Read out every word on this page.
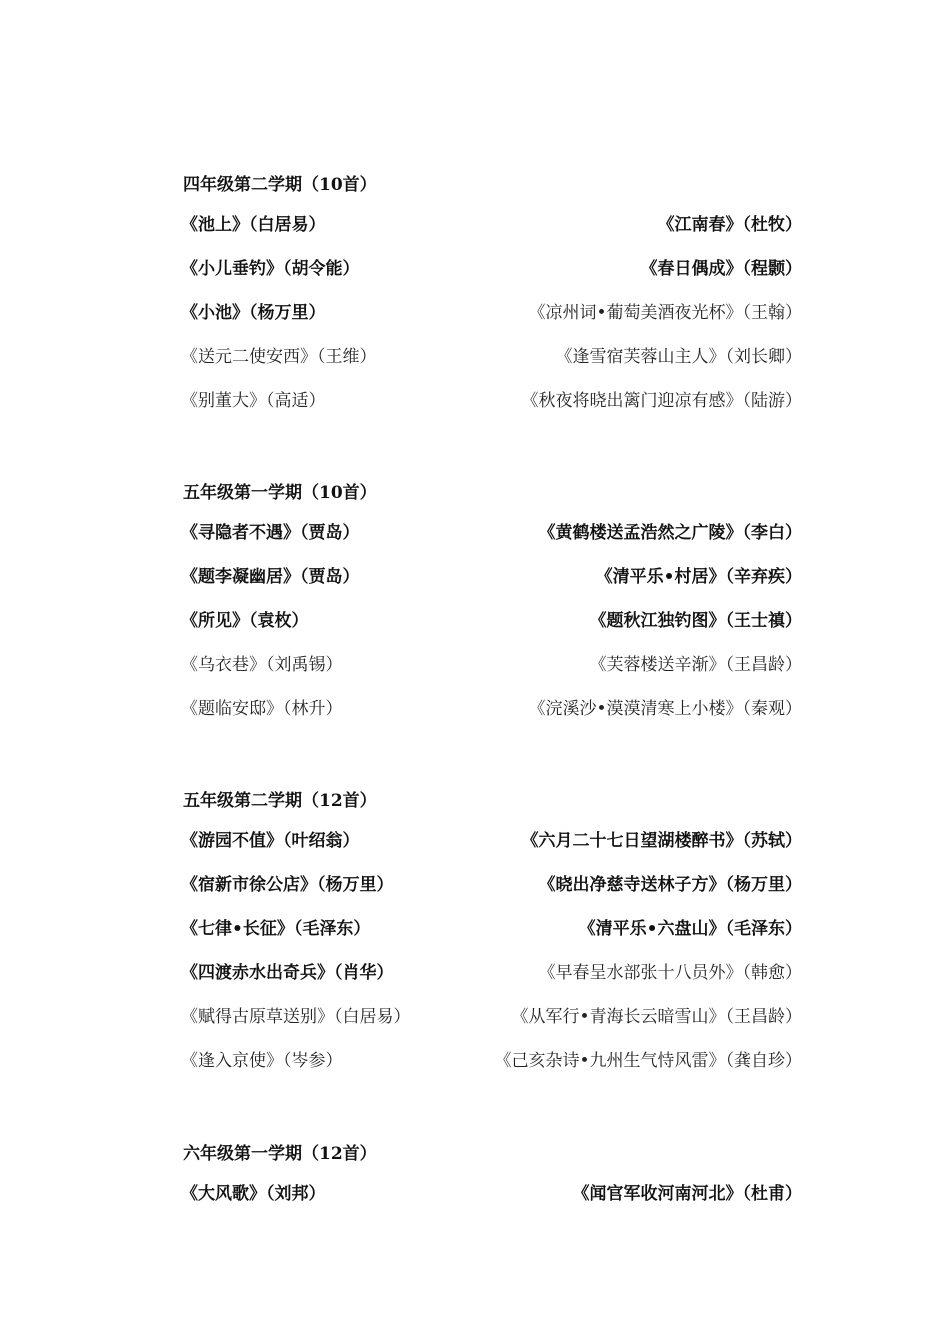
四年级第二学期（10首）
《池上》（白居易）	《江南春》（杜牧）
《小儿垂钓》（胡令能）	《春日偶成》（程颢）
《小池》（杨万里）	《凉州词•葡萄美酒夜光杯》（王翰）
《送元二使安西》（王维）	《逢雪宿芙蓉山主人》（刘长卿）
《别董大》（高适）	《秋夜将晓出篱门迎凉有感》（陆游）
五年级第一学期（10首）
《寻隐者不遇》（贾岛）	《黄鹤楼送孟浩然之广陵》（李白）
《题李凝幽居》（贾岛）	《清平乐•村居》（辛弃疾）
《所见》（袁枚）	《题秋江独钓图》（王士禛）
《乌衣巷》（刘禹锡）	《芙蓉楼送辛渐》（王昌龄）
《题临安邸》（林升）	《浣溪沙•漠漠清寒上小楼》（秦观）
五年级第二学期（12首）
《游园不值》（叶绍翁）	《六月二十七日望湖楼醉书》（苏轼）
《宿新市徐公店》（杨万里）	《晓出净慈寺送林子方》（杨万里）
《七律•长征》（毛泽东）	《清平乐•六盘山》（毛泽东）
《四渡赤水出奇兵》（肖华）	《早春呈水部张十八员外》（韩愈）
《赋得古原草送别》（白居易）	《从军行•青海长云暗雪山》（王昌龄）
《逢入京使》（岑参）	《己亥杂诗•九州生气恃风雷》（龚自珍）
六年级第一学期（12首）
《大风歌》（刘邦）	《闻官军收河南河北》（杜甫）
